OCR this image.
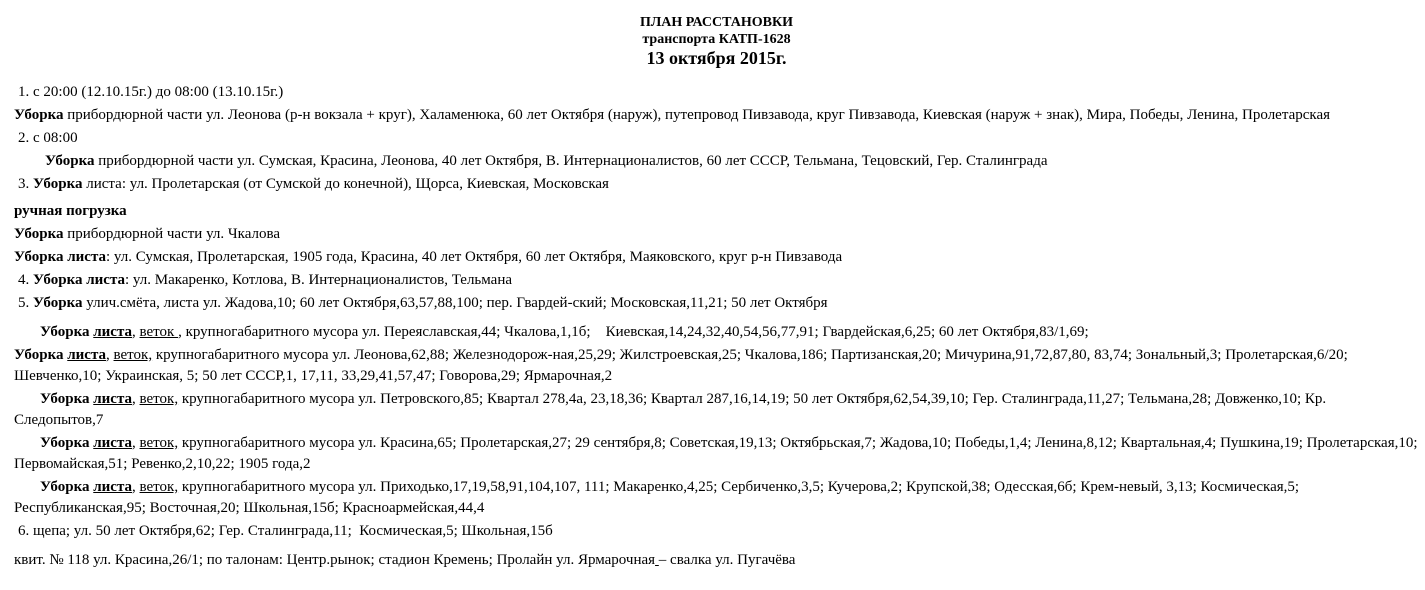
ПЛАН РАССТАНОВКИ
транспорта КАТП-1628
13 октября 2015г.
1. с 20:00 (12.10.15г.) до 08:00 (13.10.15г.)
Уборка прибордюрной части ул. Леонова (р-н вокзала + круг), Халаменюка, 60 лет Октября (наруж), путепровод Пивзавода, круг Пивзавода, Киевская (наруж + знак), Мира, Победы, Ленина, Пролетарская
2. с 08:00
Уборка прибордюрной части ул. Сумская, Красина, Леонова, 40 лет Октября, В. Интернационалистов, 60 лет СССР, Тельмана, Тецовский, Гер. Сталинграда
3. Уборка листа: ул. Пролетарская (от Сумской до конечной), Щорса, Киевская, Московская
ручная погрузка
Уборка прибордюрной части ул. Чкалова
Уборка листа: ул. Сумская, Пролетарская, 1905 года, Красина, 40 лет Октября, 60 лет Октября, Маяковского, круг р-н Пивзавода
4. Уборка листа: ул. Макаренко, Котлова, В. Интернационалистов, Тельмана
5. Уборка улич.смёта, листа ул. Жадова,10; 60 лет Октября,63,57,88,100; пер. Гвардей-ский; Московская,11,21; 50 лет Октября
Уборка листа, веток , крупногабаритного мусора ул. Переяславская,44; Чкалова,1,1б;    Киевская,14,24,32,40,54,56,77,91; Гвардейская,6,25; 60 лет Октября,83/1,69;
Уборка листа, веток, крупногабаритного мусора ул. Леонова,62,88; Железнодорож-ная,25,29; Жилстроевская,25; Чкалова,186; Партизанская,20; Мичурина,91,72,87,80, 83,74; Зональный,3; Пролетарская,6/20; Шевченко,10; Украинская, 5; 50 лет СССР,1, 17,11, 33,29,41,57,47; Говорова,29; Ярмарочная,2
Уборка листа, веток, крупногабаритного мусора ул. Петровского,85; Квартал 278,4а, 23,18,36; Квартал 287,16,14,19; 50 лет Октября,62,54,39,10; Гер. Сталинграда,11,27; Тельмана,28; Довженко,10; Кр. Следопытов,7
Уборка листа, веток, крупногабаритного мусора ул. Красина,65; Пролетарская,27; 29 сентября,8; Советская,19,13; Октябрьская,7; Жадова,10; Победы,1,4; Ленина,8,12; Квартальная,4; Пушкина,19; Пролетарская,10; Первомайская,51; Ревенко,2,10,22; 1905 года,2
Уборка листа, веток, крупногабаритного мусора ул. Приходько,17,19,58,91,104,107, 111; Макаренко,4,25; Сербиченко,3,5; Кучерова,2; Крупской,38; Одесская,6б; Крем-невый, 3,13; Космическая,5; Республиканская,95; Восточная,20; Школьная,15б; Красноармейская,44,4
6. щепа; ул. 50 лет Октября,62; Гер. Сталинграда,11;  Космическая,5; Школьная,15б
квит. № 118 ул. Красина,26/1; по талонам: Центр.рынок; стадион Кремень; Пролайн ул. Ярмарочная – свалка ул. Пугачёва
